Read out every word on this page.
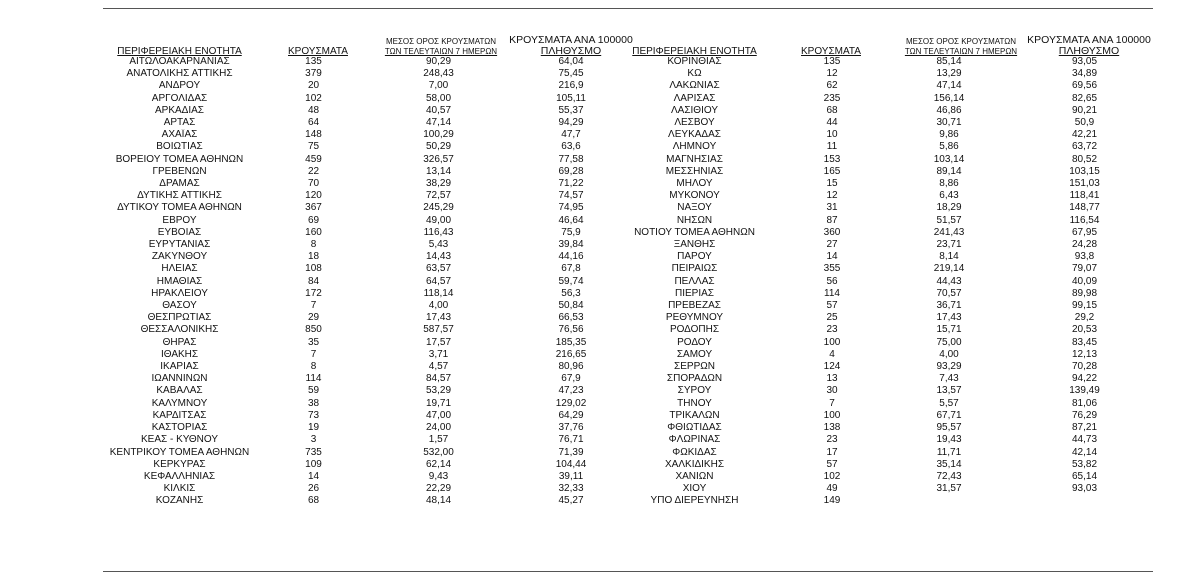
ΠΕΡΙΦΕΡΕΙΑΚΗ ΕΝΟΤΗΤΑ	ΚΡΟΥΣΜΑΤΑ
ΜΕΣΟΣ ΟΡΟΣ ΚΡΟΥΣΜΑΤΩΝ
ΤΩΝ ΤΕΛΕΥΤΑΙΩΝ 7 ΗΜΕΡΩΝ
ΚΡΟΥΣΜΑΤΑ ΑΝΑ 100000
ΠΛΗΘΥΣΜΟ	ΠΕΡΙΦΕΡΕΙΑΚΗ ΕΝΟΤΗΤΑ	ΚΡΟΥΣΜΑΤΑ
ΜΕΣΟΣ ΟΡΟΣ ΚΡΟΥΣΜΑΤΩΝ
ΤΩΝ ΤΕΛΕΥΤΑΙΩΝ 7 ΗΜΕΡΩΝ
ΚΡΟΥΣΜΑΤΑ ΑΝΑ 100000
ΠΛΗΘΥΣΜΟ
ΑΙΤΩΛΟΑΚΑΡΝΑΝΙΑΣ	135	90,29	64,04
ΑΝΑΤΟΛΙΚΗΣ ΑΤΤΙΚΗΣ	379	248,43	75,45
ΑΝΔΡΟΥ	20	7,00	216,9
ΑΡΓΟΛΙΔΑΣ	102	58,00	105,11
ΑΡΚΑΔΙΑΣ	48	40,57	55,37
ΑΡΤΑΣ	64	47,14	94,29
ΑΧΑΪΑΣ	148	100,29	47,7
ΒΟΙΩΤΙΑΣ	75	50,29	63,6
ΒΟΡΕΙΟΥ ΤΟΜΕΑ ΑΘΗΝΩΝ	459	326,57	77,58
ΓΡΕΒΕΝΩΝ	22	13,14	69,28
ΔΡΑΜΑΣ	70	38,29	71,22
ΔΥΤΙΚΗΣ ΑΤΤΙΚΗΣ	120	72,57	74,57
ΔΥΤΙΚΟΥ ΤΟΜΕΑ ΑΘΗΝΩΝ	367	245,29	74,95
ΕΒΡΟΥ	69	49,00	46,64
ΕΥΒΟΙΑΣ	160	116,43	75,9
ΕΥΡΥΤΑΝΙΑΣ	8	5,43	39,84
ΖΑΚΥΝΘΟΥ	18	14,43	44,16
ΗΛΕΙΑΣ	108	63,57	67,8
ΗΜΑΘΙΑΣ	84	64,57	59,74
ΗΡΑΚΛΕΙΟΥ	172	118,14	56,3
ΘΑΣΟΥ	7	4,00	50,84
ΘΕΣΠΡΩΤΙΑΣ	29	17,43	66,53
ΘΕΣΣΑΛΟΝΙΚΗΣ	850	587,57	76,56
ΘΗΡΑΣ	35	17,57	185,35
ΙΘΑΚΗΣ	7	3,71	216,65
ΙΚΑΡΙΑΣ	8	4,57	80,96
ΙΩΑΝΝΙΝΩΝ	114	84,57	67,9
ΚΑΒΑΛΑΣ	59	53,29	47,23
ΚΑΛΥΜΝΟΥ	38	19,71	129,02
ΚΑΡΔΙΤΣΑΣ	73	47,00	64,29
ΚΑΣΤΟΡΙΑΣ	19	24,00	37,76
ΚΕΑΣ - ΚΥΘΝΟΥ	3	1,57	76,71
ΚΕΝΤΡΙΚΟΥ ΤΟΜΕΑ ΑΘΗΝΩΝ	735	532,00	71,39
ΚΕΡΚΥΡΑΣ	109	62,14	104,44
ΚΕΦΑΛΛΗΝΙΑΣ	14	9,43	39,11
ΚΙΛΚΙΣ	26	22,29	32,33
ΚΟΖΑΝΗΣ	68	48,14	45,27
ΚΟΡΙΝΘΙΑΣ	135	85,14	93,05
ΚΩ	12	13,29	34,89
ΛΑΚΩΝΙΑΣ	62	47,14	69,56
ΛΑΡΙΣΑΣ	235	156,14	82,65
ΛΑΣΙΘΙΟΥ	68	46,86	90,21
ΛΕΣΒΟΥ	44	30,71	50,9
ΛΕΥΚΑΔΑΣ	10	9,86	42,21
ΛΗΜΝΟΥ	11	5,86	63,72
ΜΑΓΝΗΣΙΑΣ	153	103,14	80,52
ΜΕΣΣΗΝΙΑΣ	165	89,14	103,15
ΜΗΛΟΥ	15	8,86	151,03
ΜΥΚΟΝΟΥ	12	6,43	118,41
ΝΑΞΟΥ	31	18,29	148,77
ΝΗΣΩΝ	87	51,57	116,54
ΝΟΤΙΟΥ ΤΟΜΕΑ ΑΘΗΝΩΝ	360	241,43	67,95
ΞΑΝΘΗΣ	27	23,71	24,28
ΠΑΡΟΥ	14	8,14	93,8
ΠΕΙΡΑΙΩΣ	355	219,14	79,07
ΠΕΛΛΑΣ	56	44,43	40,09
ΠΙΕΡΙΑΣ	114	70,57	89,98
ΠΡΕΒΕΖΑΣ	57	36,71	99,15
ΡΕΘΥΜΝΟΥ	25	17,43	29,2
ΡΟΔΟΠΗΣ	23	15,71	20,53
ΡΟΔΟΥ	100	75,00	83,45
ΣΑΜΟΥ	4	4,00	12,13
ΣΕΡΡΩΝ	124	93,29	70,28
ΣΠΟΡΑΔΩΝ	13	7,43	94,22
ΣΥΡΟΥ	30	13,57	139,49
ΤΗΝΟΥ	7	5,57	81,06
ΤΡΙΚΑΛΩΝ	100	67,71	76,29
ΦΘΙΩΤΙΔΑΣ	138	95,57	87,21
ΦΛΩΡΙΝΑΣ	23	19,43	44,73
ΦΩΚΙΔΑΣ	17	11,71	42,14
ΧΑΛΚΙΔΙΚΗΣ	57	35,14	53,82
ΧΑΝΙΩΝ	102	72,43	65,14
ΧΙΟΥ	49	31,57	93,03
ΥΠΟ ΔΙΕΡΕΥΝΗΣΗ	149		
